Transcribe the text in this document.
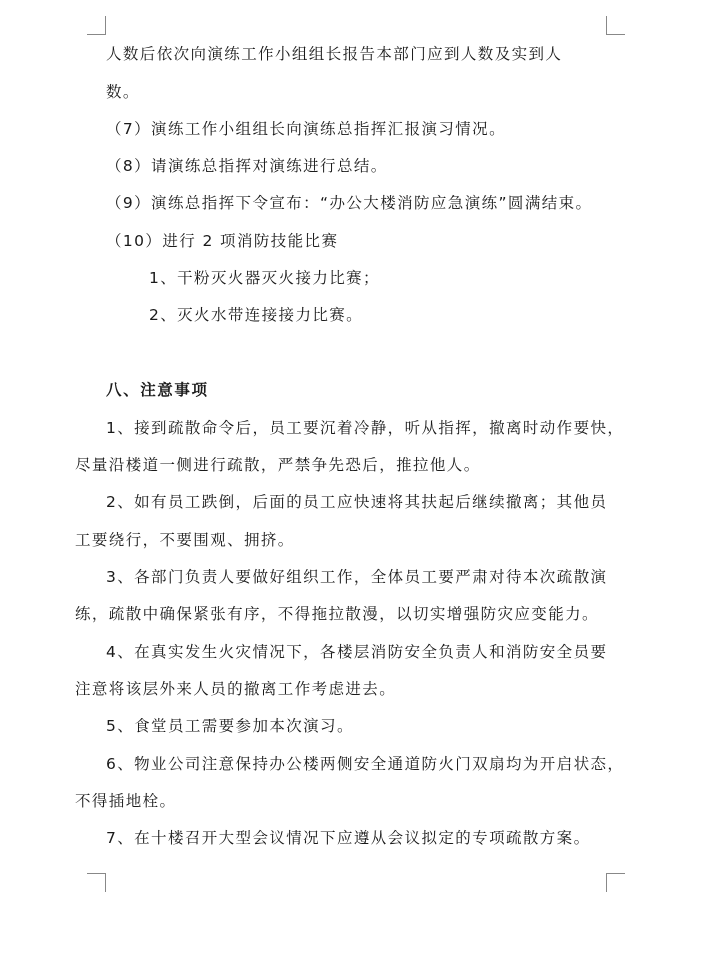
人数后依次向演练工作小组组长报告本部门应到人数及实到人
数。
（7）演练工作小组组长向演练总指挥汇报演习情况。
（8）请演练总指挥对演练进行总结。
（9）演练总指挥下令宣布：“办公大楼消防应急演练”圆满结束。
（10）进行 2 项消防技能比赛
1、干粉灭火器灭火接力比赛；
2、灭火水带连接接力比赛。
八、注意事项
1、接到疏散命令后，员工要沉着冷静，听从指挥，撤离时动作要快，
尽量沿楼道一侧进行疏散，严禁争先恐后，推拉他人。
2、如有员工跌倒，后面的员工应快速将其扶起后继续撤离；其他员
工要绕行，不要围观、拥挤。
3、各部门负责人要做好组织工作，全体员工要严肃对待本次疏散演
练，疏散中确保紧张有序，不得拖拉散漫，以切实增强防灾应变能力。
4、在真实发生火灾情况下，各楼层消防安全负责人和消防安全员要
注意将该层外来人员的撤离工作考虑进去。
5、食堂员工需要参加本次演习。
6、物业公司注意保持办公楼两侧安全通道防火门双扇均为开启状态，
不得插地栓。
7、在十楼召开大型会议情况下应遵从会议拟定的专项疏散方案。
